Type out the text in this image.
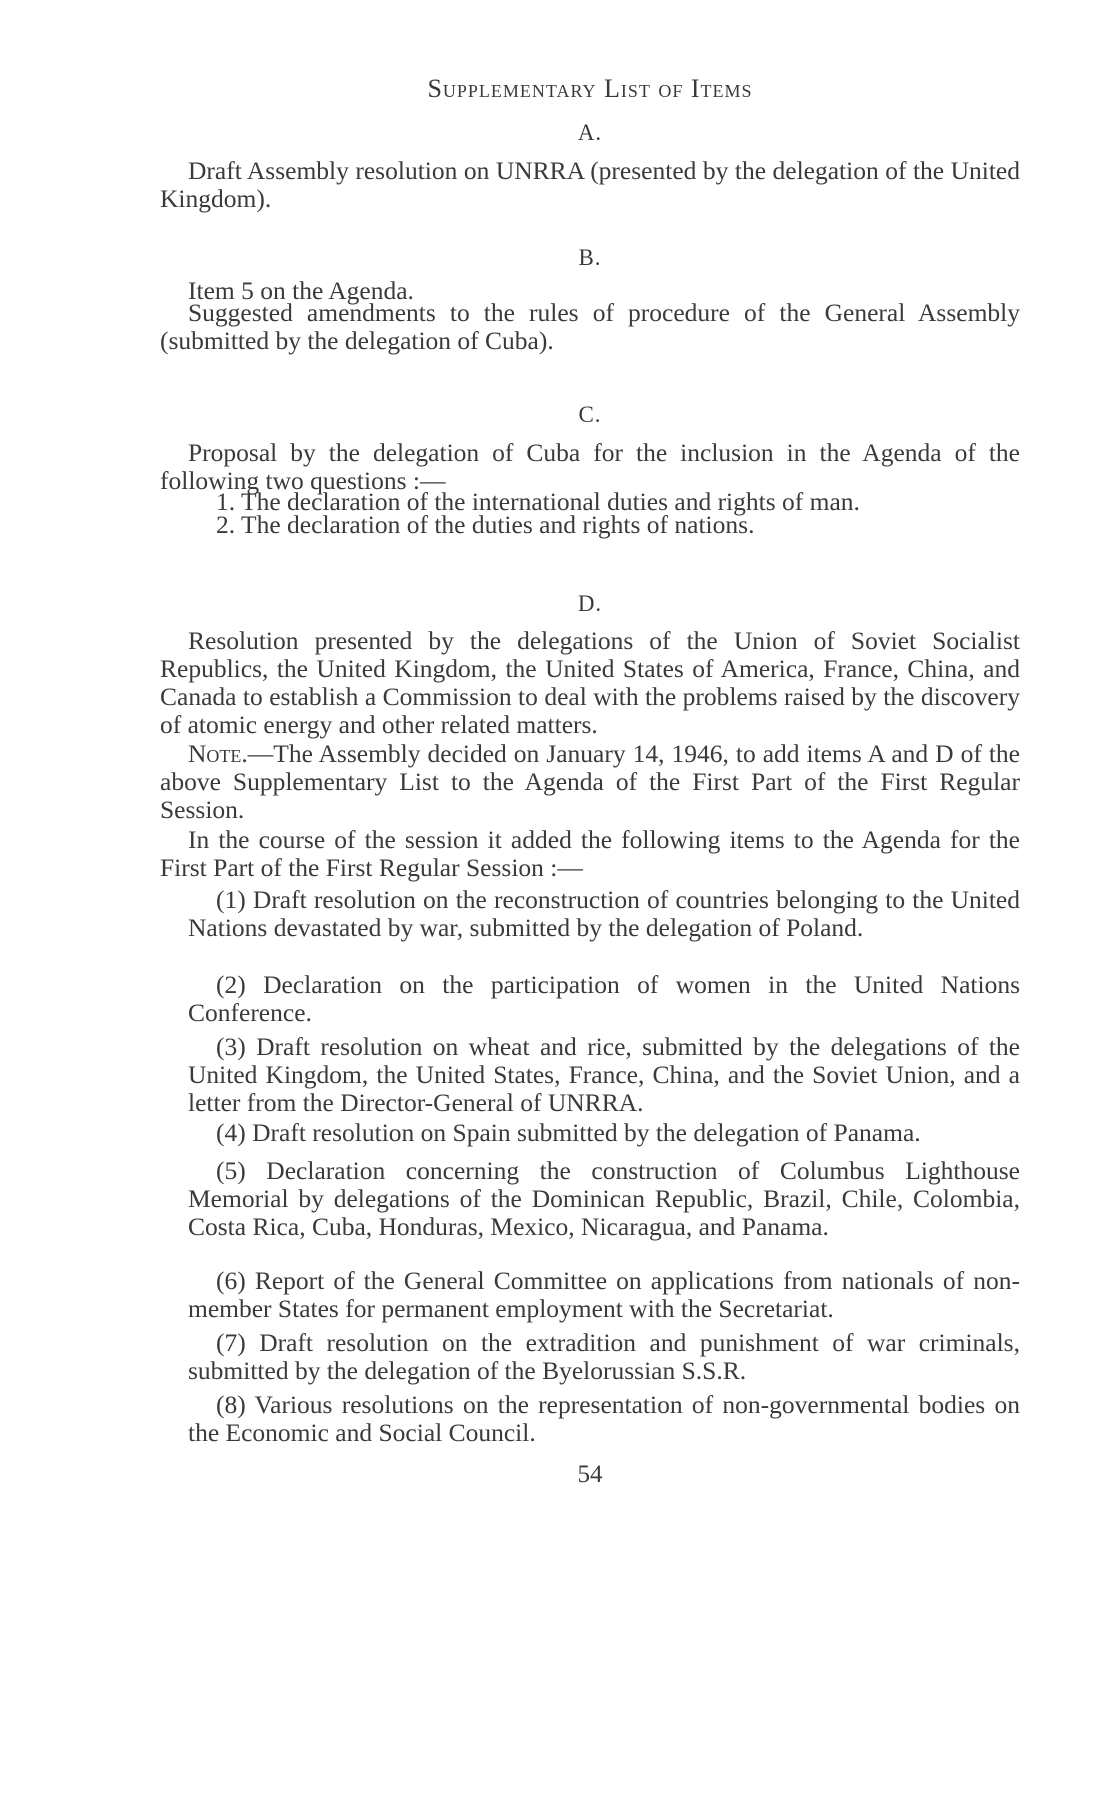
Supplementary List of Items
A.

Draft Assembly resolution on UNRRA (presented by the delegation of the United Kingdom).

B.

Item 5 on the Agenda.

Suggested amendments to the rules of procedure of the General Assembly (submitted by the delegation of Cuba).

C.

Proposal by the delegation of Cuba for the inclusion in the Agenda of the following two questions :—

1. The declaration of the international duties and rights of man.

2. The declaration of the duties and rights of nations.

D.

Resolution presented by the delegations of the Union of Soviet Socialist Republics, the United Kingdom, the United States of America, France, China, and Canada to establish a Commission to deal with the problems raised by the discovery of atomic energy and other related matters.

Note.—The Assembly decided on January 14, 1946, to add items A and D of the above Supplementary List to the Agenda of the First Part of the First Regular Session.

In the course of the session it added the following items to the Agenda for the First Part of the First Regular Session :—

(1) Draft resolution on the reconstruction of countries belonging to the United Nations devastated by war, submitted by the delegation of Poland.

(2) Declaration on the participation of women in the United Nations Conference.

(3) Draft resolution on wheat and rice, submitted by the delegations of the United Kingdom, the United States, France, China, and the Soviet Union, and a letter from the Director-General of UNRRA.

(4) Draft resolution on Spain submitted by the delegation of Panama.

(5) Declaration concerning the construction of Columbus Lighthouse Memorial by delegations of the Dominican Republic, Brazil, Chile, Colombia, Costa Rica, Cuba, Honduras, Mexico, Nicaragua, and Panama.

(6) Report of the General Committee on applications from nationals of non-member States for permanent employment with the Secretariat.

(7) Draft resolution on the extradition and punishment of war criminals, submitted by the delegation of the Byelorussian S.S.R.

(8) Various resolutions on the representation of non-governmental bodies on the Economic and Social Council.

54
